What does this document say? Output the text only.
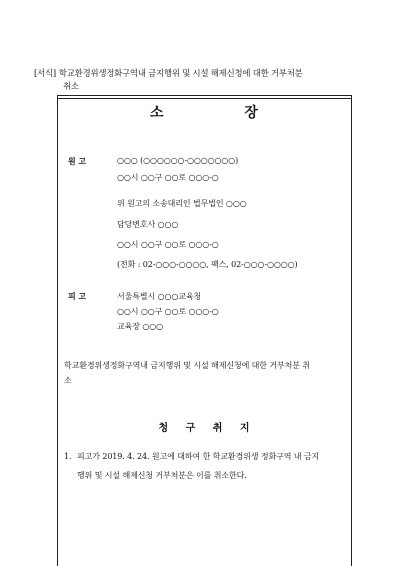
[서식] 학교환경위생정화구역내 금지행위 및 시설 해제신청에 대한 거부처분
취소
소 장
원 고	○○○ (○○○○○○-○○○○○○○)
○○시 ○○구 ○○로 ○○○-○
위 원고의 소송대리인 법무법인 ○○○
담당변호사 ○○○
○○시 ○○구 ○○로 ○○○-○
(전화 : 02-○○○-○○○○, 팩스, 02-○○○-○○○○)
피 고	서울특별시 ○○○교육청
○○시 ○○구 ○○로 ○○○-○
교육장 ○○○
학교환경위생정화구역내 금지행위 및 시설 해제신청에 대한 거부처분 취
소
청 구 취 지
1. 피고가 2019. 4. 24. 원고에 대하여 한 학교환경위생 정화구역 내 금지
행위 및 시설 해제신청 거부처분은 이를 취소한다.
